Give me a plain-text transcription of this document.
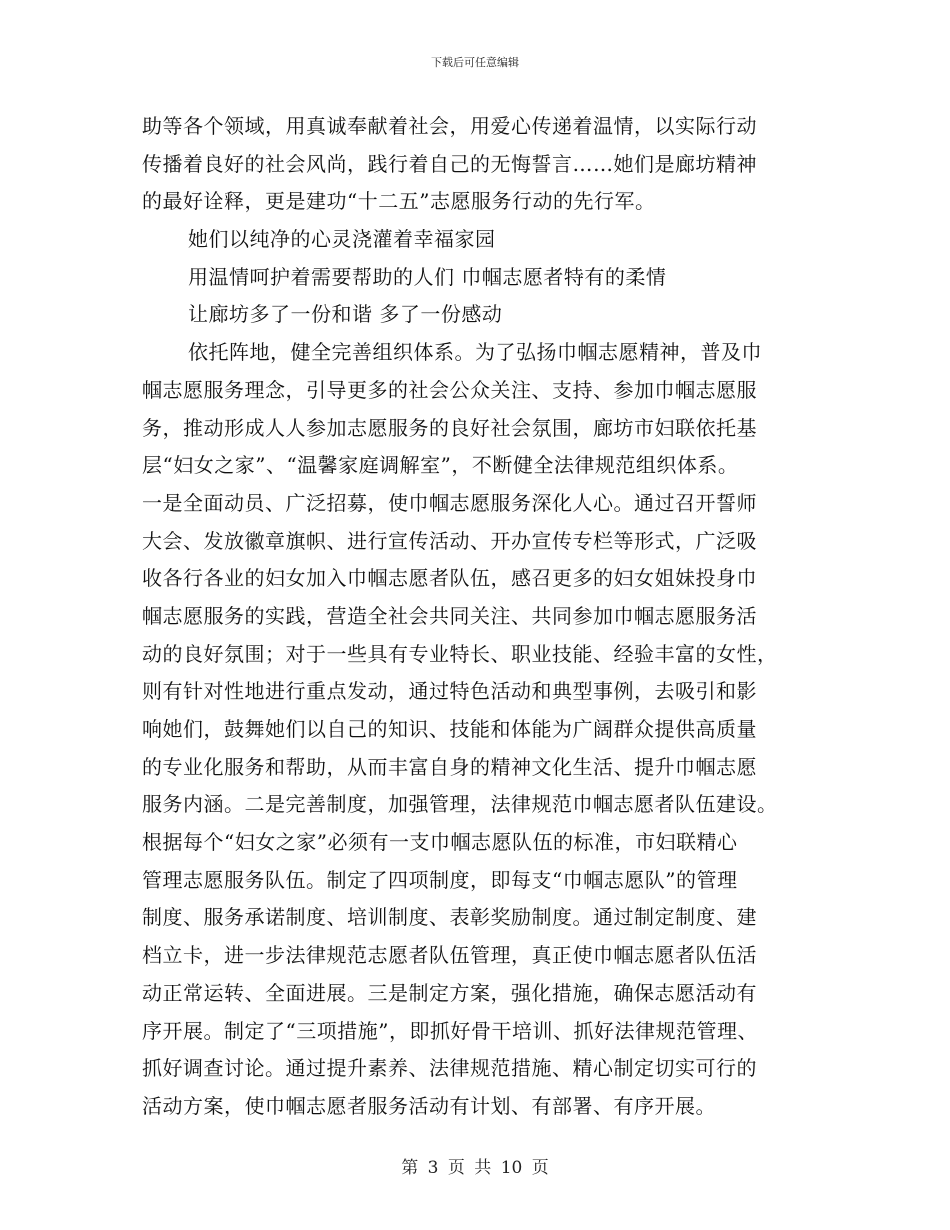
下载后可任意编辑
助等各个领域，用真诚奉献着社会，用爱心传递着温情，以实际行动
传播着良好的社会风尚，践行着自己的无悔誓言……她们是廊坊精神
的最好诠释，更是建功“十二五”志愿服务行动的先行军。
她们以纯净的心灵浇灌着幸福家园
用温情呵护着需要帮助的人们 巾帼志愿者特有的柔情
让廊坊多了一份和谐 多了一份感动
依托阵地，健全完善组织体系。为了弘扬巾帼志愿精神，普及巾
帼志愿服务理念，引导更多的社会公众关注、支持、参加巾帼志愿服
务，推动形成人人参加志愿服务的良好社会氛围，廊坊市妇联依托基
层“妇女之家”、“温馨家庭调解室”，不断健全法律规范组织体系。
一是全面动员、广泛招募，使巾帼志愿服务深化人心。通过召开誓师
大会、发放徽章旗帜、进行宣传活动、开办宣传专栏等形式，广泛吸
收各行各业的妇女加入巾帼志愿者队伍，感召更多的妇女姐妹投身巾
帼志愿服务的实践，营造全社会共同关注、共同参加巾帼志愿服务活
动的良好氛围；对于一些具有专业特长、职业技能、经验丰富的女性，
则有针对性地进行重点发动，通过特色活动和典型事例，去吸引和影
响她们，鼓舞她们以自己的知识、技能和体能为广阔群众提供高质量
的专业化服务和帮助，从而丰富自身的精神文化生活、提升巾帼志愿
服务内涵。二是完善制度，加强管理，法律规范巾帼志愿者队伍建设。
根据每个“妇女之家”必须有一支巾帼志愿队伍的标准，市妇联精心
管理志愿服务队伍。制定了四项制度，即每支“巾帼志愿队”的管理
制度、服务承诺制度、培训制度、表彰奖励制度。通过制定制度、建
档立卡，进一步法律规范志愿者队伍管理，真正使巾帼志愿者队伍活
动正常运转、全面进展。三是制定方案，强化措施，确保志愿活动有
序开展。制定了“三项措施”，即抓好骨干培训、抓好法律规范管理、
抓好调查讨论。通过提升素养、法律规范措施、精心制定切实可行的
活动方案，使巾帼志愿者服务活动有计划、有部署、有序开展。
第 3 页 共 10 页
